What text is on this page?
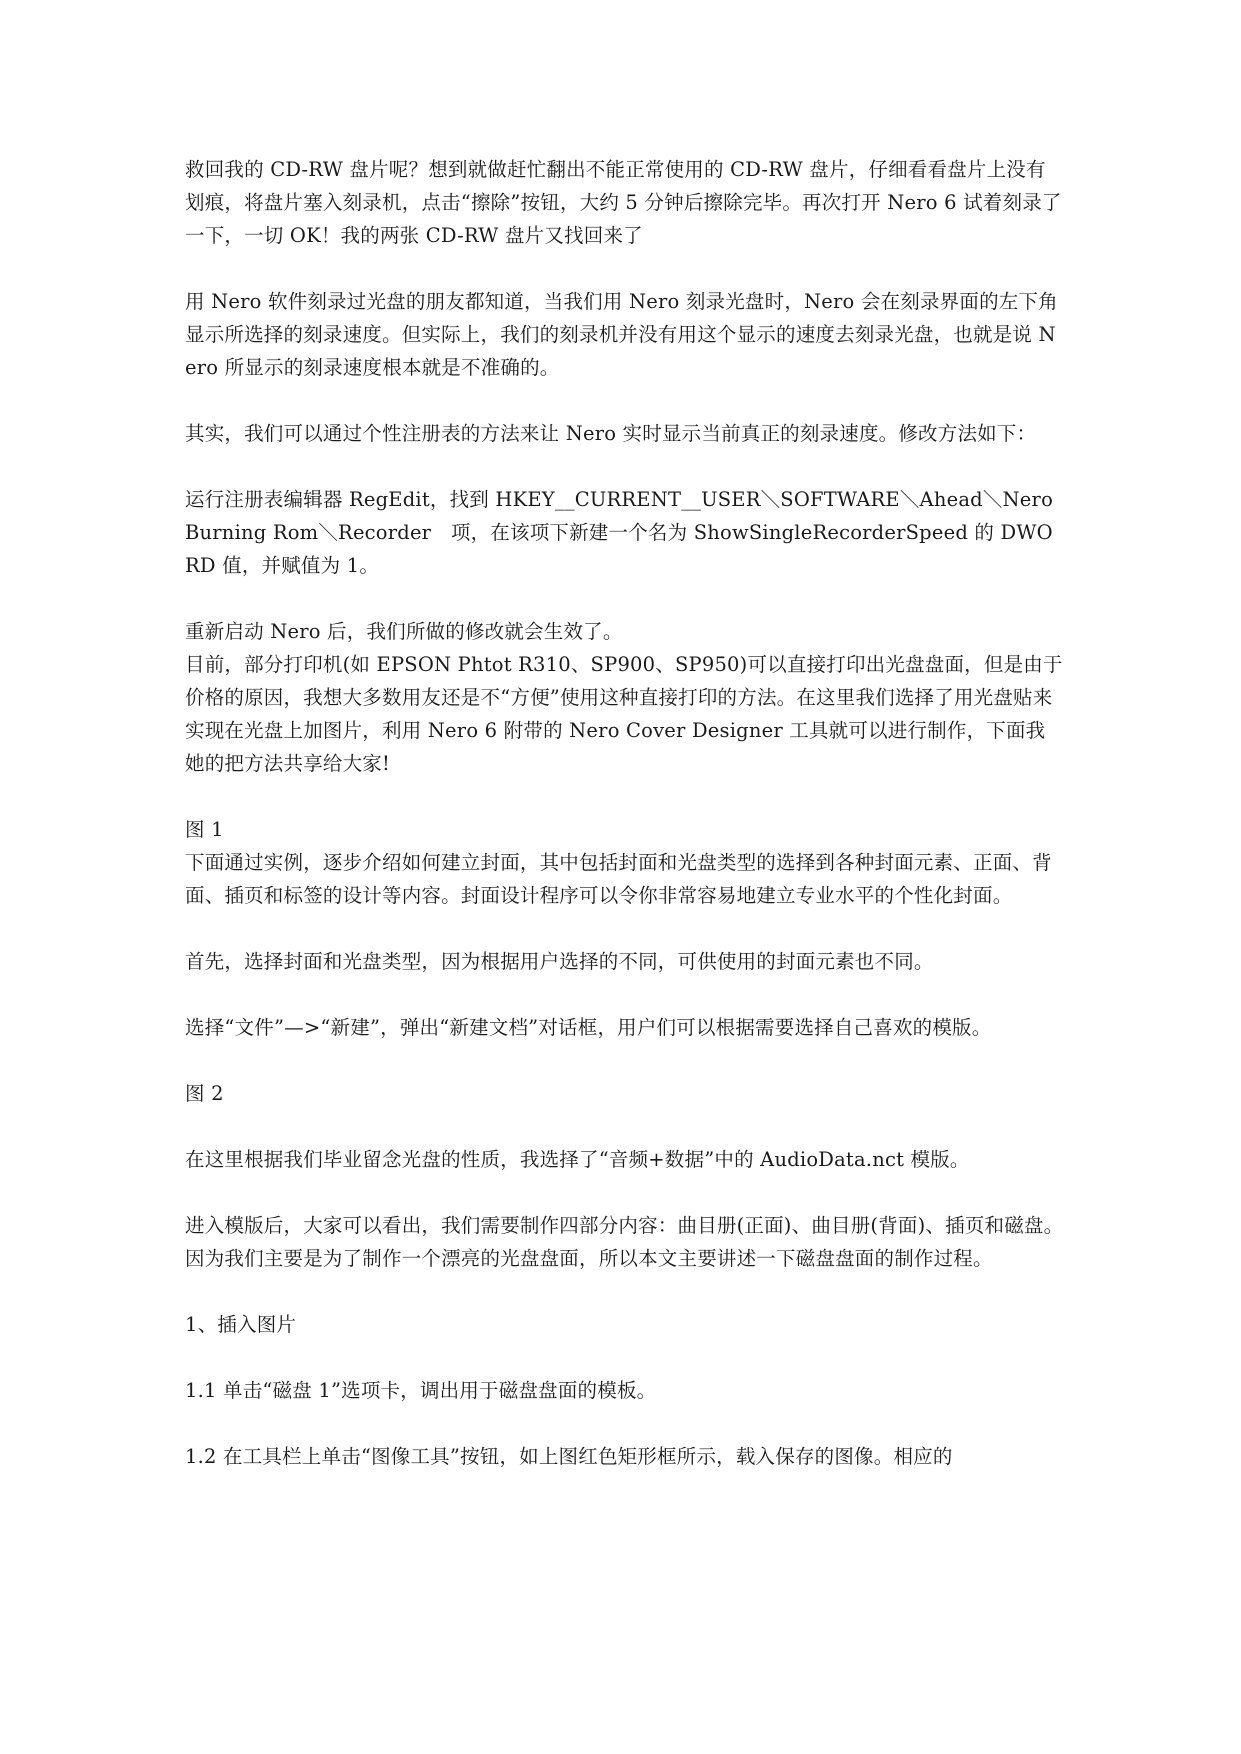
救回我的 CD-RW 盘片呢？想到就做赶忙翻出不能正常使用的 CD-RW 盘片，仔细看看盘片上没有划痕，将盘片塞入刻录机，点击“擦除”按钮，大约 5 分钟后擦除完毕。再次打开 Nero 6 试着刻录了一下，一切 OK！我的两张 CD-RW 盘片又找回来了

用 Nero 软件刻录过光盘的朋友都知道，当我们用 Nero 刻录光盘时，Nero 会在刻录界面的左下角显示所选择的刻录速度。但实际上，我们的刻录机并没有用这个显示的速度去刻录光盘，也就是说 Nero 所显示的刻录速度根本就是不准确的。

其实，我们可以通过个性注册表的方法来让 Nero 实时显示当前真正的刻录速度。修改方法如下：

运行注册表编辑器 RegEdit，找到 HKEY__CURRENT__USER＼SOFTWARE＼Ahead＼NeroBurning Rom＼Recorder　项，在该项下新建一个名为 ShowSingleRecorderSpeed 的 DWORD 值，并赋值为 1。

重新启动 Nero 后，我们所做的修改就会生效了。

目前，部分打印机(如 EPSON Phtot R310、SP900、SP950)可以直接打印出光盘盘面，但是由于价格的原因，我想大多数用友还是不“方便”使用这种直接打印的方法。在这里我们选择了用光盘贴来实现在光盘上加图片，利用 Nero 6 附带的 Nero Cover Designer 工具就可以进行制作，下面我她的把方法共享给大家!

图 1

下面通过实例，逐步介绍如何建立封面，其中包括封面和光盘类型的选择到各种封面元素、正面、背面、插页和标签的设计等内容。封面设计程序可以令你非常容易地建立专业水平的个性化封面。

首先，选择封面和光盘类型，因为根据用户选择的不同，可供使用的封面元素也不同。

选择“文件”—>“新建”，弹出“新建文档”对话框，用户们可以根据需要选择自己喜欢的模版。

图 2

在这里根据我们毕业留念光盘的性质，我选择了“音频+数据”中的 AudioData.nct 模版。

进入模版后，大家可以看出，我们需要制作四部分内容：曲目册(正面)、曲目册(背面)、插页和磁盘。因为我们主要是为了制作一个漂亮的光盘盘面，所以本文主要讲述一下磁盘盘面的制作过程。

1、插入图片

1.1 单击“磁盘 1”选项卡，调出用于磁盘盘面的模板。

1.2 在工具栏上单击“图像工具”按钮，如上图红色矩形框所示，载入保存的图像。相应的
